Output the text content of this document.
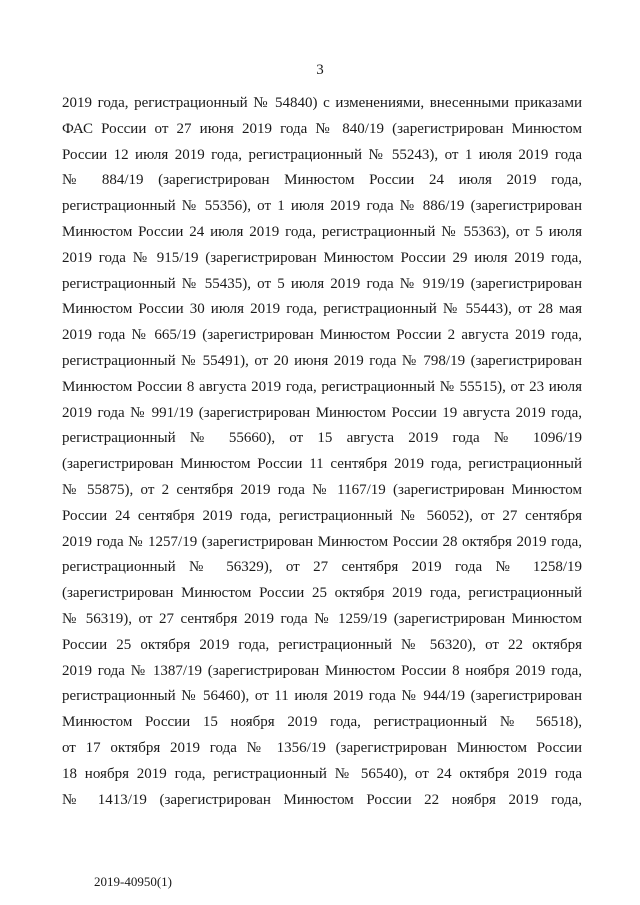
3
2019 года, регистрационный № 54840) с изменениями, внесенными приказами
ФАС России от 27 июня 2019 года № 840/19 (зарегистрирован Минюстом
России 12 июля 2019 года, регистрационный № 55243), от 1 июля 2019 года
№ 884/19 (зарегистрирован Минюстом России 24 июля 2019 года,
регистрационный № 55356), от 1 июля 2019 года № 886/19 (зарегистрирован
Минюстом России 24 июля 2019 года, регистрационный № 55363), от 5 июля
2019 года № 915/19 (зарегистрирован Минюстом России 29 июля 2019 года,
регистрационный № 55435), от 5 июля 2019 года № 919/19 (зарегистрирован
Минюстом России 30 июля 2019 года, регистрационный № 55443), от 28 мая
2019 года № 665/19 (зарегистрирован Минюстом России 2 августа 2019 года,
регистрационный № 55491), от 20 июня 2019 года № 798/19 (зарегистрирован
Минюстом России 8 августа 2019 года, регистрационный № 55515), от 23 июля
2019 года № 991/19 (зарегистрирован Минюстом России 19 августа 2019 года,
регистрационный № 55660), от 15 августа 2019 года № 1096/19
(зарегистрирован Минюстом России 11 сентября 2019 года, регистрационный
№ 55875), от 2 сентября 2019 года № 1167/19 (зарегистрирован Минюстом
России 24 сентября 2019 года, регистрационный № 56052), от 27 сентября
2019 года № 1257/19 (зарегистрирован Минюстом России 28 октября 2019 года,
регистрационный № 56329), от 27 сентября 2019 года № 1258/19
(зарегистрирован Минюстом России 25 октября 2019 года, регистрационный
№ 56319), от 27 сентября 2019 года № 1259/19 (зарегистрирован Минюстом
России 25 октября 2019 года, регистрационный № 56320), от 22 октября
2019 года № 1387/19 (зарегистрирован Минюстом России 8 ноября 2019 года,
регистрационный № 56460), от 11 июля 2019 года № 944/19 (зарегистрирован
Минюстом России 15 ноября 2019 года, регистрационный № 56518),
от 17 октября 2019 года № 1356/19 (зарегистрирован Минюстом России
18 ноября 2019 года, регистрационный № 56540), от 24 октября 2019 года
№ 1413/19 (зарегистрирован Минюстом России 22 ноября 2019 года,
2019-40950(1)
